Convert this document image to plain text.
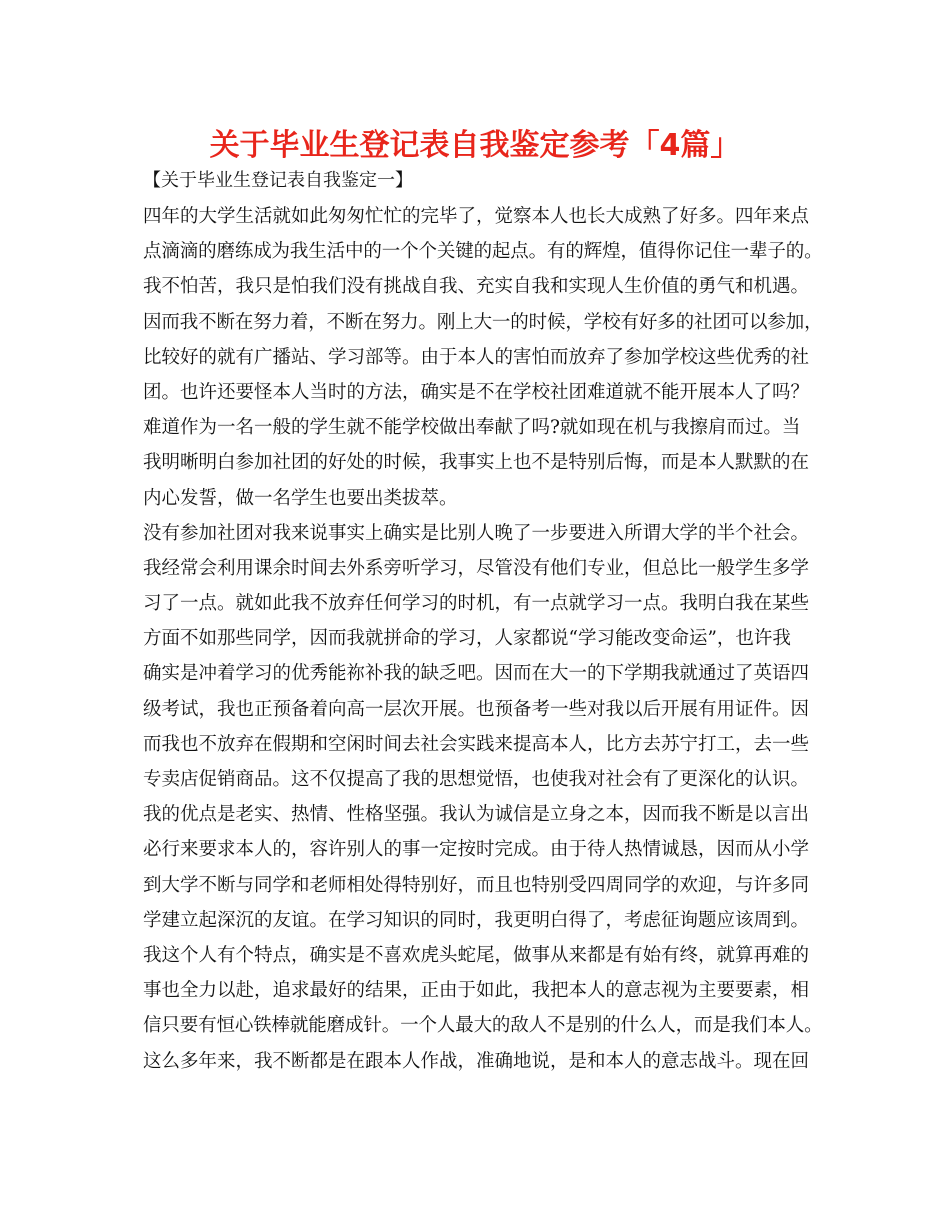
关于毕业生登记表自我鉴定参考「4篇」
【关于毕业生登记表自我鉴定一】
四年的大学生活就如此匆匆忙忙的完毕了，觉察本人也长大成熟了好多。四年来点
点滴滴的磨练成为我生活中的一个个关键的起点。有的辉煌，值得你记住一辈子的。
我不怕苦，我只是怕我们没有挑战自我、充实自我和实现人生价值的勇气和机遇。
因而我不断在努力着，不断在努力。刚上大一的时候，学校有好多的社团可以参加，
比较好的就有广播站、学习部等。由于本人的害怕而放弃了参加学校这些优秀的社
团。也许还要怪本人当时的方法，确实是不在学校社团难道就不能开展本人了吗？
难道作为一名一般的学生就不能学校做出奉献了吗?就如现在机与我擦肩而过。当
我明晰明白参加社团的好处的时候，我事实上也不是特别后悔，而是本人默默的在
内心发誓，做一名学生也要出类拔萃。
没有参加社团对我来说事实上确实是比别人晚了一步要进入所谓大学的半个社会。
我经常会利用课余时间去外系旁听学习，尽管没有他们专业，但总比一般学生多学
习了一点。就如此我不放弃任何学习的时机，有一点就学习一点。我明白我在某些
方面不如那些同学，因而我就拼命的学习，人家都说“学习能改变命运”，也许我
确实是冲着学习的优秀能祢补我的缺乏吧。因而在大一的下学期我就通过了英语四
级考试，我也正预备着向高一层次开展。也预备考一些对我以后开展有用证件。因
而我也不放弃在假期和空闲时间去社会实践来提高本人，比方去苏宁打工，去一些
专卖店促销商品。这不仅提高了我的思想觉悟，也使我对社会有了更深化的认识。
我的优点是老实、热情、性格坚强。我认为诚信是立身之本，因而我不断是以言出
必行来要求本人的，容许别人的事一定按时完成。由于待人热情诚恳，因而从小学
到大学不断与同学和老师相处得特别好，而且也特别受四周同学的欢迎，与许多同
学建立起深沉的友谊。在学习知识的同时，我更明白得了，考虑征询题应该周到。
我这个人有个特点，确实是不喜欢虎头蛇尾，做事从来都是有始有终，就算再难的
事也全力以赴，追求最好的结果，正由于如此，我把本人的意志视为主要要素，相
信只要有恒心铁棒就能磨成针。一个人最大的敌人不是别的什么人，而是我们本人。
这么多年来，我不断都是在跟本人作战，准确地说，是和本人的意志战斗。现在回
